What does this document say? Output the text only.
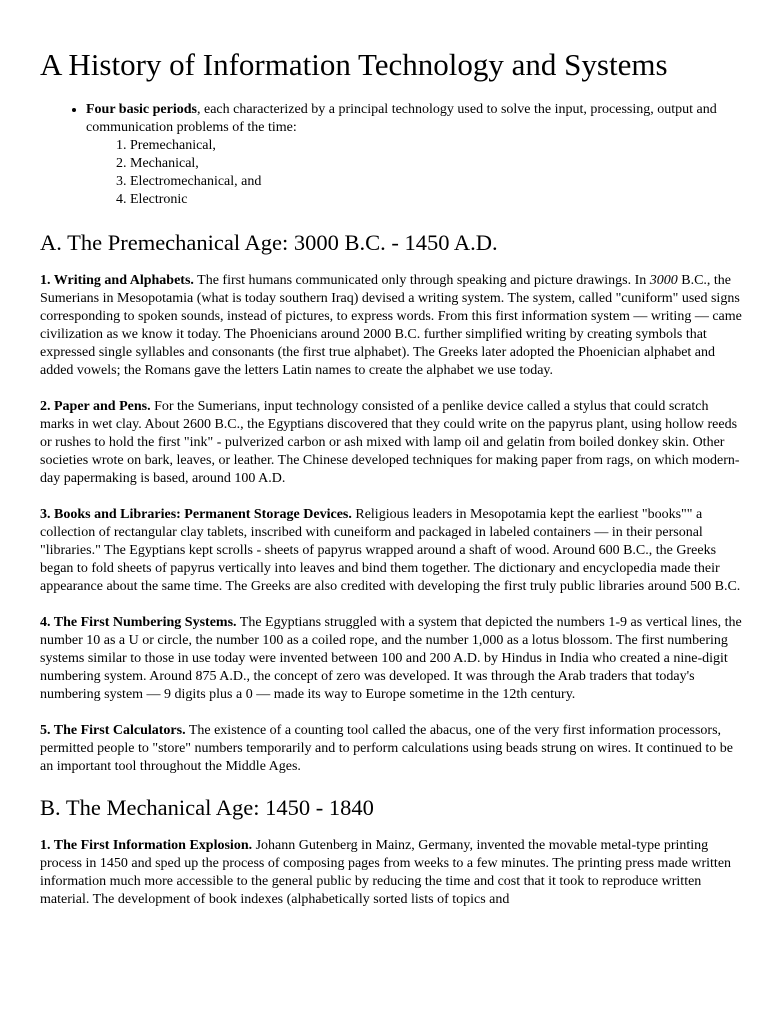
A History of Information Technology and Systems
• Four basic periods, each characterized by a principal technology used to solve the input, processing, output and communication problems of the time:
1. Premechanical,
2. Mechanical,
3. Electromechanical, and
4. Electronic
A. The Premechanical Age: 3000 B.C. - 1450 A.D.

1. Writing and Alphabets. The first humans communicated only through speaking and picture drawings. In 3000 B.C., the Sumerians in Mesopotamia (what is today southern Iraq) devised a writing system. The system, called "cuniform" used signs corresponding to spoken sounds, instead of pictures, to express words. From this first information system — writing — came civilization as we know it today. The Phoenicians around 2000 B.C. further simplified writing by creating symbols that expressed single syllables and consonants (the first true alphabet). The Greeks later adopted the Phoenician alphabet and added vowels; the Romans gave the letters Latin names to create the alphabet we use today.

2. Paper and Pens. For the Sumerians, input technology consisted of a penlike device called a stylus that could scratch marks in wet clay. About 2600 B.C., the Egyptians discovered that they could write on the papyrus plant, using hollow reeds or rushes to hold the first "ink" - pulverized carbon or ash mixed with lamp oil and gelatin from boiled donkey skin. Other societies wrote on bark, leaves, or leather. The Chinese developed techniques for making paper from rags, on which modern-day papermaking is based, around 100 A.D.

3. Books and Libraries: Permanent Storage Devices. Religious leaders in Mesopotamia kept the earliest "books"" a collection of rectangular clay tablets, inscribed with cuneiform and packaged in labeled containers — in their personal "libraries." The Egyptians kept scrolls - sheets of papyrus wrapped around a shaft of wood. Around 600 B.C., the Greeks began to fold sheets of papyrus vertically into leaves and bind them together. The dictionary and encyclopedia made their appearance about the same time. The Greeks are also credited with developing the first truly public libraries around 500 B.C.

4. The First Numbering Systems. The Egyptians struggled with a system that depicted the numbers 1-9 as vertical lines, the number 10 as a U or circle, the number 100 as a coiled rope, and the number 1,000 as a lotus blossom. The first numbering systems similar to those in use today were invented between 100 and 200 A.D. by Hindus in India who created a nine-digit numbering system. Around 875 A.D., the concept of zero was developed. It was through the Arab traders that today's numbering system — 9 digits plus a 0 — made its way to Europe sometime in the 12th century.

5. The First Calculators. The existence of a counting tool called the abacus, one of the very first information processors, permitted people to "store" numbers temporarily and to perform calculations using beads strung on wires. It continued to be an important tool throughout the Middle Ages.

B. The Mechanical Age: 1450 - 1840

1. The First Information Explosion. Johann Gutenberg in Mainz, Germany, invented the movable metal-type printing process in 1450 and sped up the process of composing pages from weeks to a few minutes. The printing press made written information much more accessible to the general public by reducing the time and cost that it took to reproduce written material. The development of book indexes (alphabetically sorted lists of topics and
